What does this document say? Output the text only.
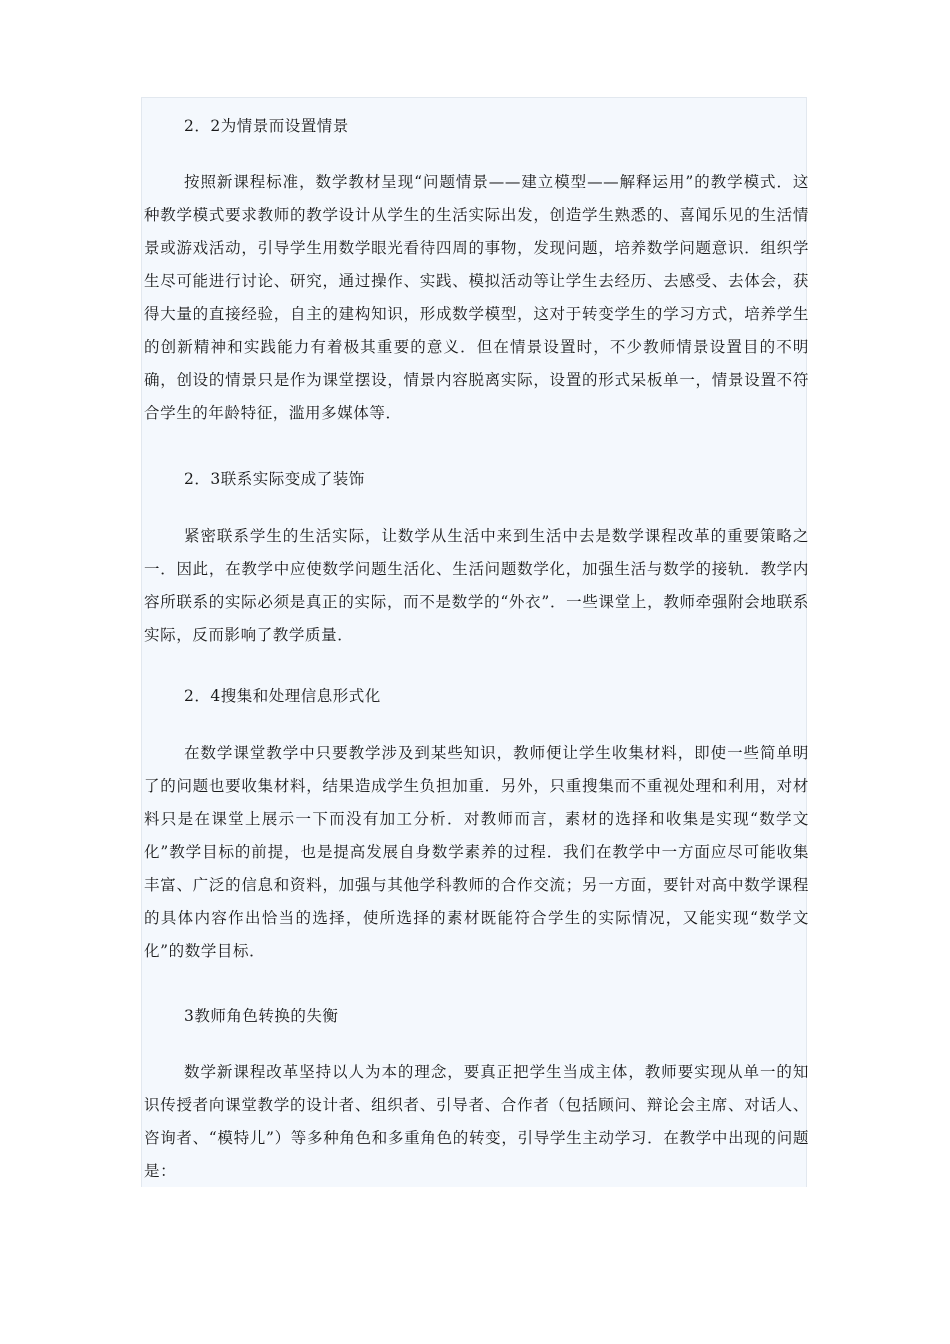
2．2为情景而设置情景
按照新课程标准，数学教材呈现“问题情景——建立模型——解释运用”的教学模式．这种教学模式要求教师的教学设计从学生的生活实际出发，创造学生熟悉的、喜闻乐见的生活情景或游戏活动，引导学生用数学眼光看待四周的事物，发现问题，培养数学问题意识．组织学生尽可能进行讨论、研究，通过操作、实践、模拟活动等让学生去经历、去感受、去体会，获得大量的直接经验，自主的建构知识，形成数学模型，这对于转变学生的学习方式，培养学生的创新精神和实践能力有着极其重要的意义．但在情景设置时，不少教师情景设置目的不明确，创设的情景只是作为课堂摆设，情景内容脱离实际，设置的形式呆板单一，情景设置不符合学生的年龄特征，滥用多媒体等．
2．3联系实际变成了装饰
紧密联系学生的生活实际，让数学从生活中来到生活中去是数学课程改革的重要策略之一．因此，在教学中应使数学问题生活化、生活问题数学化，加强生活与数学的接轨．教学内容所联系的实际必须是真正的实际，而不是数学的“外衣”．一些课堂上，教师牵强附会地联系实际，反而影响了教学质量．
2．4搜集和处理信息形式化
在数学课堂教学中只要教学涉及到某些知识，教师便让学生收集材料，即使一些简单明了的问题也要收集材料，结果造成学生负担加重．另外，只重搜集而不重视处理和利用，对材料只是在课堂上展示一下而没有加工分析．对教师而言，素材的选择和收集是实现“数学文化”教学目标的前提，也是提高发展自身数学素养的过程．我们在教学中一方面应尽可能收集丰富、广泛的信息和资料，加强与其他学科教师的合作交流；另一方面，要针对高中数学课程的具体内容作出恰当的选择，使所选择的素材既能符合学生的实际情况，又能实现“数学文化”的数学目标．
3教师角色转换的失衡
数学新课程改革坚持以人为本的理念，要真正把学生当成主体，教师要实现从单一的知识传授者向课堂教学的设计者、组织者、引导者、合作者（包括顾问、辩论会主席、对话人、咨询者、“模特儿”）等多种角色和多重角色的转变，引导学生主动学习．在教学中出现的问题是：
